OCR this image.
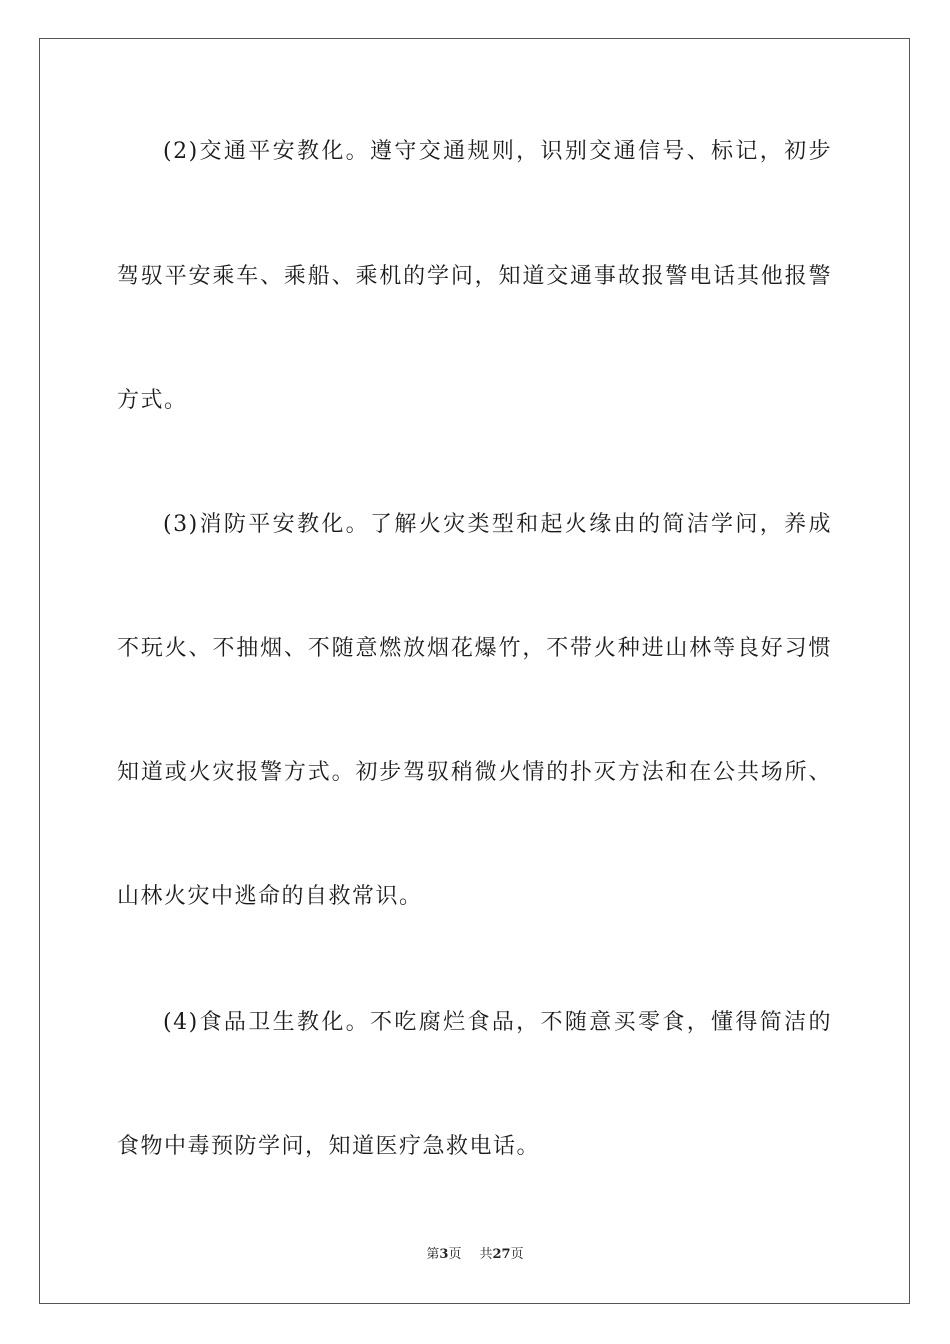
(2)交通平安教化。遵守交通规则，识别交通信号、标记，初步
驾驭平安乘车、乘船、乘机的学问，知道交通事故报警电话其他报警
方式。
(3)消防平安教化。了解火灾类型和起火缘由的简洁学问，养成
不玩火、不抽烟、不随意燃放烟花爆竹，不带火种进山林等良好习惯
知道或火灾报警方式。初步驾驭稍微火情的扑灭方法和在公共场所、
山林火灾中逃命的自救常识。
(4)食品卫生教化。不吃腐烂食品，不随意买零食，懂得简洁的
食物中毒预防学问，知道医疗急救电话。
第3页 共27页
